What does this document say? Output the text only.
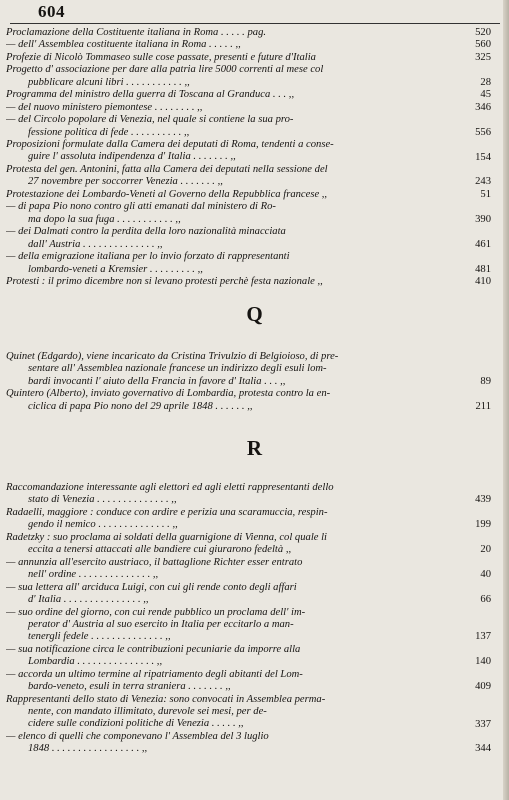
604
Proclamazione della Costituente italiana in Roma . . . . . pag.	520
— dell' Assemblea costituente italiana in Roma . . . . . ,,	560
Profezie di Nicolò Tommaseo sulle cose passate, presenti e future d'Italia	325
Progetto d' associazione per dare alla patria lire 5000 correnti al mese col
pubblicare alcuni libri . . . . . . . . . . . ,,	28
Programma del ministro della guerra di Toscana al Granduca . . . ,,	45
— del nuovo ministero piemontese . . . . . . . . ,,	346
— del Circolo popolare di Venezia, nel quale si contiene la sua pro-
fessione politica di fede . . . . . . . . . . ,,	556
Proposizioni formulate dalla Camera dei deputati di Roma, tendenti a conse-
guire l' assoluta indipendenza d' Italia . . . . . . . ,,	154
Protesta del gen. Antonini, fatta alla Camera dei deputati nella sessione del
27 novembre per soccorrer Venezia . . . . . . . ,,	243
Protestazione dei Lombardo-Veneti al Governo della Repubblica francese ,,	51
— di papa Pio nono contro gli atti emanati dal ministero di Ro-
ma dopo la sua fuga . . . . . . . . . . . ,,	390
— dei Dalmati contro la perdita della loro nazionalità minacciata
dall' Austria . . . . . . . . . . . . . . ,,	461
— della emigrazione italiana per lo invio forzato di rappresentanti
lombardo-veneti a Kremsier . . . . . . . . . ,,	481
Protesti : il primo dicembre non si levano protesti perchè festa nazionale ,,	410
Q
Quinet (Edgardo), viene incaricato da Cristina Trivulzio di Belgioioso, di pre-
sentare all' Assemblea nazionale francese un indirizzo degli esuli lom-
bardi invocanti l' aiuto della Francia in favore d' Italia . . . ,,	89
Quintero (Alberto), inviato governativo di Lombardia, protesta contro la en-
ciclica di papa Pio nono del 29 aprile 1848 . . . . . . ,,	211
R
Raccomandazione interessante agli elettori ed agli eletti rappresentanti dello
stato di Venezia . . . . . . . . . . . . . . ,,	439
Radaelli, maggiore : conduce con ardire e perizia una scaramuccia, respin-
gendo il nemico . . . . . . . . . . . . . . ,,	199
Radetzky : suo proclama ai soldati della guarnigione di Vienna, col quale li
eccita a tenersi attaccati alle bandiere cui giurarono fedeltà ,,	20
— annunzia all'esercito austriaco, il battaglione Richter esser entrato
nell' ordine . . . . . . . . . . . . . . ,,	40
— sua lettera all' arciduca Luigi, con cui gli rende conto degli affari
d' Italia . . . . . . . . . . . . . . . ,,	66
— suo ordine del giorno, con cui rende pubblico un proclama dell' im-
perator d' Austria al suo esercito in Italia per eccitarlo a man-
tenergli fedele . . . . . . . . . . . . . . ,,	137
— sua notificazione circa le contribuzioni pecuniarie da imporre alla
Lombardia . . . . . . . . . . . . . . . ,,	140
— accorda un ultimo termine al ripatriamento degli abitanti del Lom-
bardo-veneto, esuli in terra straniera . . . . . . . ,,	409
Rappresentanti dello stato di Venezia: sono convocati in Assemblea perma-
nente, con mandato illimitato, durevole sei mesi, per de-
cidere sulle condizioni politiche di Venezia . . . . . ,,	337
— elenco di quelli che componevano l' Assemblea del 3 luglio
1848 . . . . . . . . . . . . . . . . . ,,	344
